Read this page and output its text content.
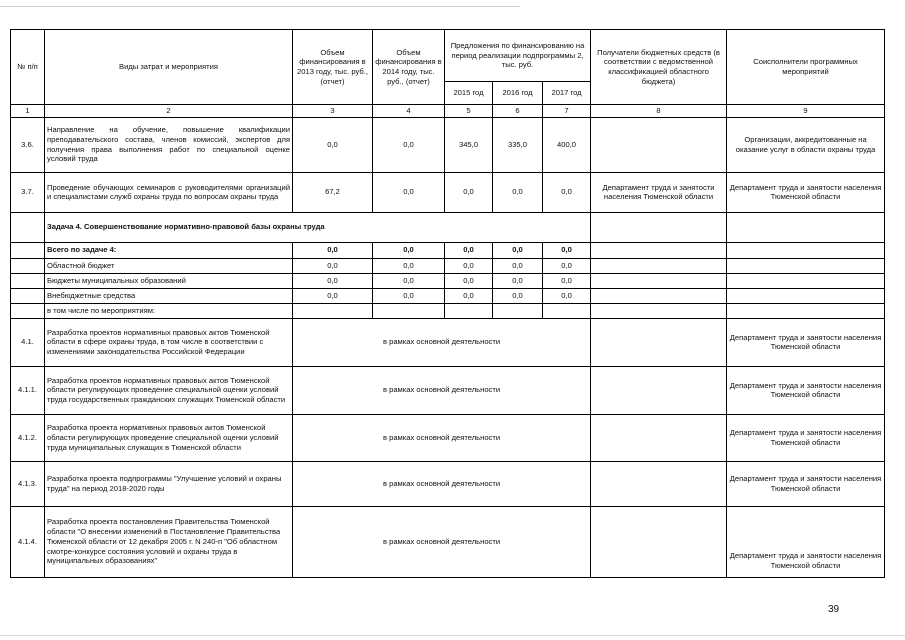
№ п/п	Виды затрат и мероприятия	Объем финансирования в 2013 году, тыс. руб., (отчет)	Объем финансирования в 2014 году, тыс. руб., (отчет)	Предложения по финансированию на период реализации подпрограммы 2, тыс. руб.			Получатели бюджетных средств (в соответствии с ведомственной классификацией областного бюджета)	Соисполнители программных мероприятий
				2015 год	2016 год	2017 год		
1	2	3	4	5	6	7	8	9
3.6.	Направление на обучение, повышение квалификации преподавательского состава, членов комиссий, экспертов для получения права выполнения работ по специальной оценке условий труда	0,0	0,0	345,0	335,0	400,0		Организации, аккредитованные на оказание услуг в области охраны труда
3.7.	Проведение обучающих семинаров с руководителями организаций и специалистами служб охраны труда по вопросам охраны труда	67,2	0,0	0,0	0,0	0,0	Департамент труда и занятости населения Тюменской области	Департамент труда и занятости населения Тюменской области
	Задача 4. Совершенствование нормативно-правовой базы охраны труда							
	Всего по задаче 4:	0,0	0,0	0,0	0,0	0,0		
	Областной бюджет	0,0	0,0	0,0	0,0	0,0		
	Бюджеты муниципальных образований	0,0	0,0	0,0	0,0	0,0		
	Внебюджетные средства	0,0	0,0	0,0	0,0	0,0		
	в том числе по мероприятиям:							
4.1.	Разработка проектов нормативных правовых актов Тюменской области в сфере охраны труда, в том числе в соответствии с изменениями законодательства Российской Федерации	в рамках основной деятельности						Департамент труда и занятости населения Тюменской области
4.1.1.	Разработка проектов нормативных правовых актов Тюменской области регулирующих проведение специальной оценки условий труда государственных гражданских служащих Тюменской области	в рамках основной деятельности						Департамент труда и занятости населения Тюменской области
4.1.2.	Разработка проекта нормативных правовых актов Тюменской области регулирующих проведение специальной оценки условий труда муниципальных служащих в Тюменской области	в рамках основной деятельности						Департамент труда и занятости населения Тюменской области
4.1.3.	Разработка проекта подпрограммы "Улучшение условий и охраны труда" на период 2018-2020 годы	в рамках основной деятельности						Департамент труда и занятости населения Тюменской области
4.1.4.	Разработка проекта постановления Правительства Тюменской области "О внесении изменений в Постановление Правительства Тюменской области от 12 декабря 2005 г. N 240-п "Об областном смотре-конкурсе состояния условий и охраны труда в муниципальных образованиях"	в рамках основной деятельности						Департамент труда и занятости населения Тюменской области
39
